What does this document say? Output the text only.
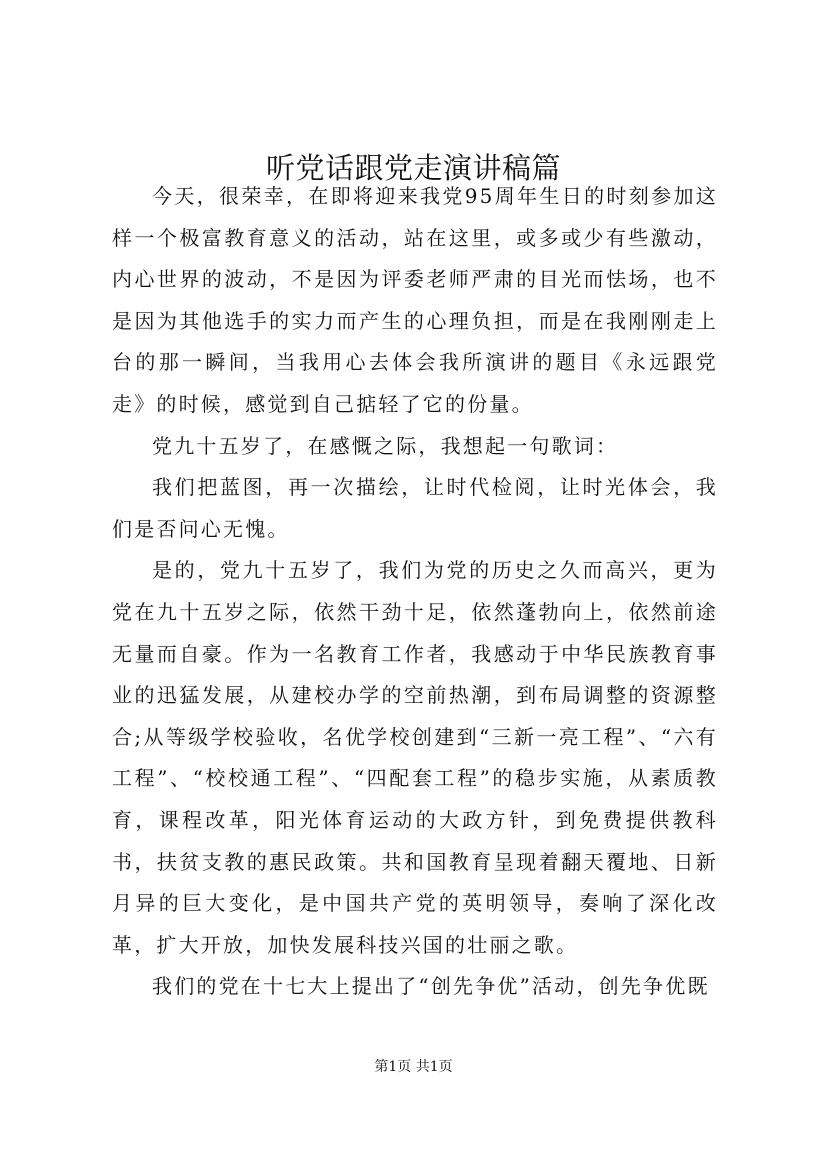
听党话跟党走演讲稿篇

今天，很荣幸，在即将迎来我党95周年生日的时刻参加这样一个极富教育意义的活动，站在这里，或多或少有些激动，内心世界的波动，不是因为评委老师严肃的目光而怯场，也不是因为其他选手的实力而产生的心理负担，而是在我刚刚走上台的那一瞬间，当我用心去体会我所演讲的题目《永远跟党走》的时候，感觉到自己掂轻了它的份量。

党九十五岁了，在感慨之际，我想起一句歌词：

我们把蓝图，再一次描绘，让时代检阅，让时光体会，我们是否问心无愧。

是的，党九十五岁了，我们为党的历史之久而高兴，更为党在九十五岁之际，依然干劲十足，依然蓬勃向上，依然前途无量而自豪。作为一名教育工作者，我感动于中华民族教育事业的迅猛发展，从建校办学的空前热潮，到布局调整的资源整合;从等级学校验收，名优学校创建到“三新一亮工程”、“六有工程”、“校校通工程”、“四配套工程”的稳步实施，从素质教育，课程改革，阳光体育运动的大政方针，到免费提供教科书，扶贫支教的惠民政策。共和国教育呈现着翻天覆地、日新月异的巨大变化，是中国共产党的英明领导，奏响了深化改革，扩大开放，加快发展科技兴国的壮丽之歌。

我们的党在十七大上提出了“创先争优”活动，创先争优既

第1页 共1页
